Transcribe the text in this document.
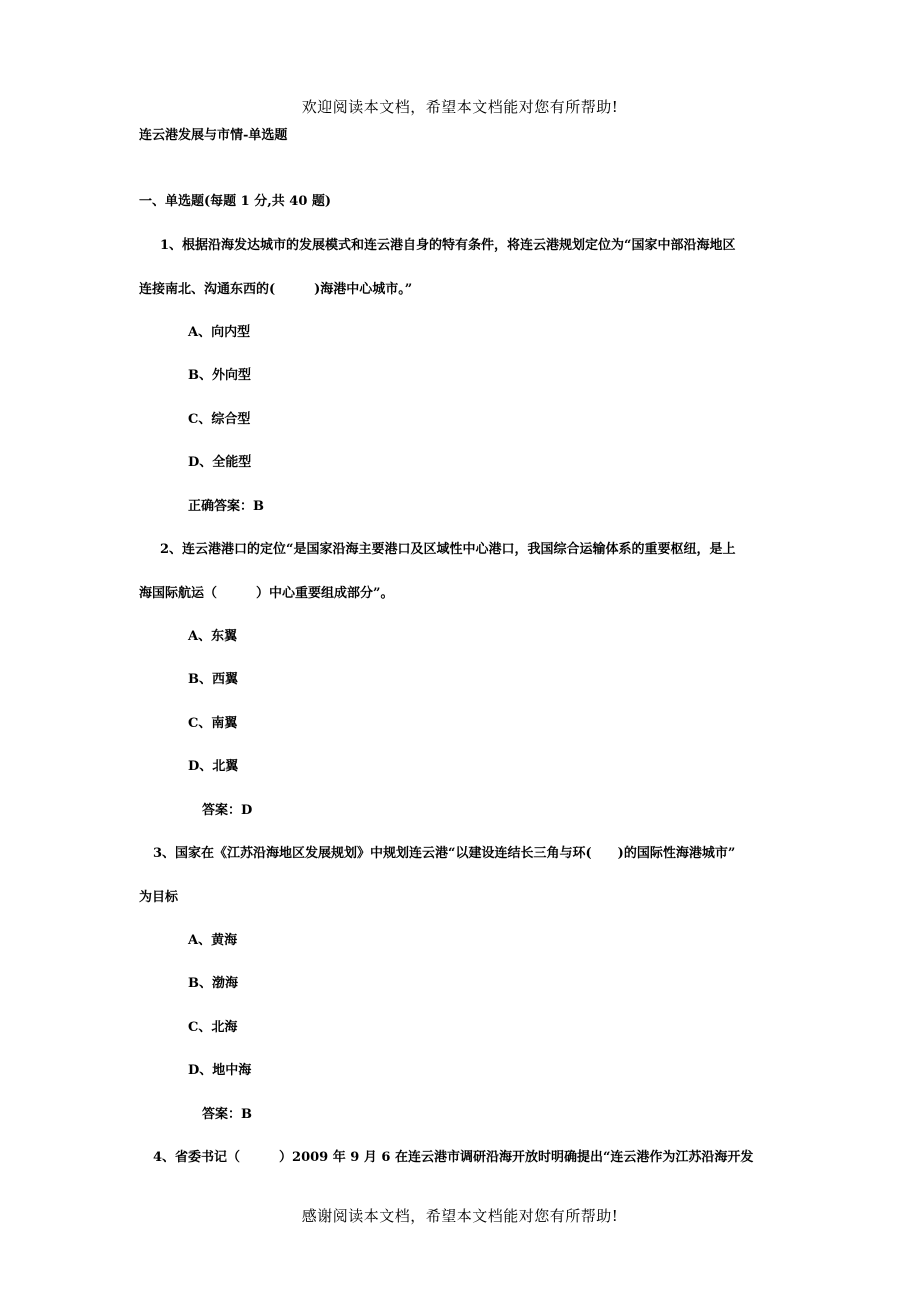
欢迎阅读本文档，希望本文档能对您有所帮助!
连云港发展与市情-单选题
一、单选题(每题 1 分,共 40 题)
1、根据沿海发达城市的发展模式和连云港自身的特有条件，将连云港规划定位为“国家中部沿海地区
连接南北、沟通东西的(　　　)海港中心城市。”
A、向内型
B、外向型
C、综合型
D、全能型
正确答案：B
2、连云港港口的定位“是国家沿海主要港口及区域性中心港口，我国综合运输体系的重要枢纽，是上
海国际航运（　　　）中心重要组成部分”。
A、东翼
B、西翼
C、南翼
D、北翼
答案：D
3、国家在《江苏沿海地区发展规划》中规划连云港“以建设连结长三角与环(　　)的国际性海港城市”
为目标
A、黄海
B、渤海
C、北海
D、地中海
答案：B
4、省委书记（　　　）2009 年 9 月 6 在连云港市调研沿海开放时明确提出“连云港作为江苏沿海开发
感谢阅读本文档，希望本文档能对您有所帮助!
